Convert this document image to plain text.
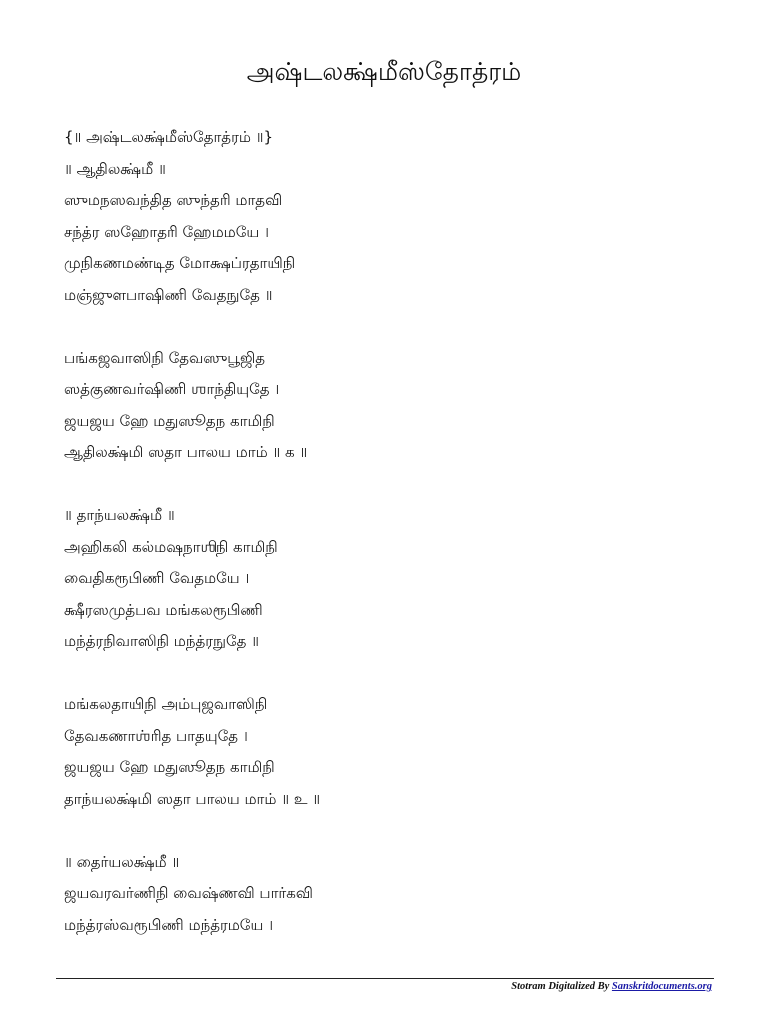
அஷ்டலக்ஷ்மீஸ்தோத்ரம்
{॥ அஷ்டலக்ஷ்மீஸ்தோத்ரம் ॥}
॥ ஆதிலக்ஷ்மீ ॥
ஸுமநஸவந்தித ஸுந்தரி மாதவி
சந்த்ர ஸஹோதரி ஹேமமயே ।
முநிகணமண்டித மோக்ஷப்ரதாயிநி
மஞ்ஜுளபாஷிணி வேதநுதே ॥
பங்கஜவாஸிநி தேவஸுபூஜித
ஸத்குணவர்ஷிணி ஶாந்தியுதே ।
ஜயஜய ஹே மதுஸூதந காமிநி
ஆதிலக்ஷ்மி ஸதா பாலய மாம் ॥ க ॥
॥ தாந்யலக்ஷ்மீ ॥
அஹிகலி கல்மஷநாஶிநி காமிநி
வைதிகரூபிணி வேதமயே ।
க்ஷீரஸமுத்பவ மங்கலரூபிணி
மந்த்ரநிவாஸிநி மந்த்ரநுதே ॥
மங்கலதாயிநி அம்புஜவாஸிநி
தேவகணாஶ்ரித பாதயுதே ।
ஜயஜய ஹே மதுஸூதந காமிநி
தாந்யலக்ஷ்மி ஸதா பாலய மாம் ॥ உ ॥
॥ தைர்யலக்ஷ்மீ ॥
ஜயவரவர்ணிநி வைஷ்ணவி பார்கவி
மந்த்ரஸ்வரூபிணி மந்த்ரமயே ।
Stotram Digitalized By Sanskritdocuments.org
